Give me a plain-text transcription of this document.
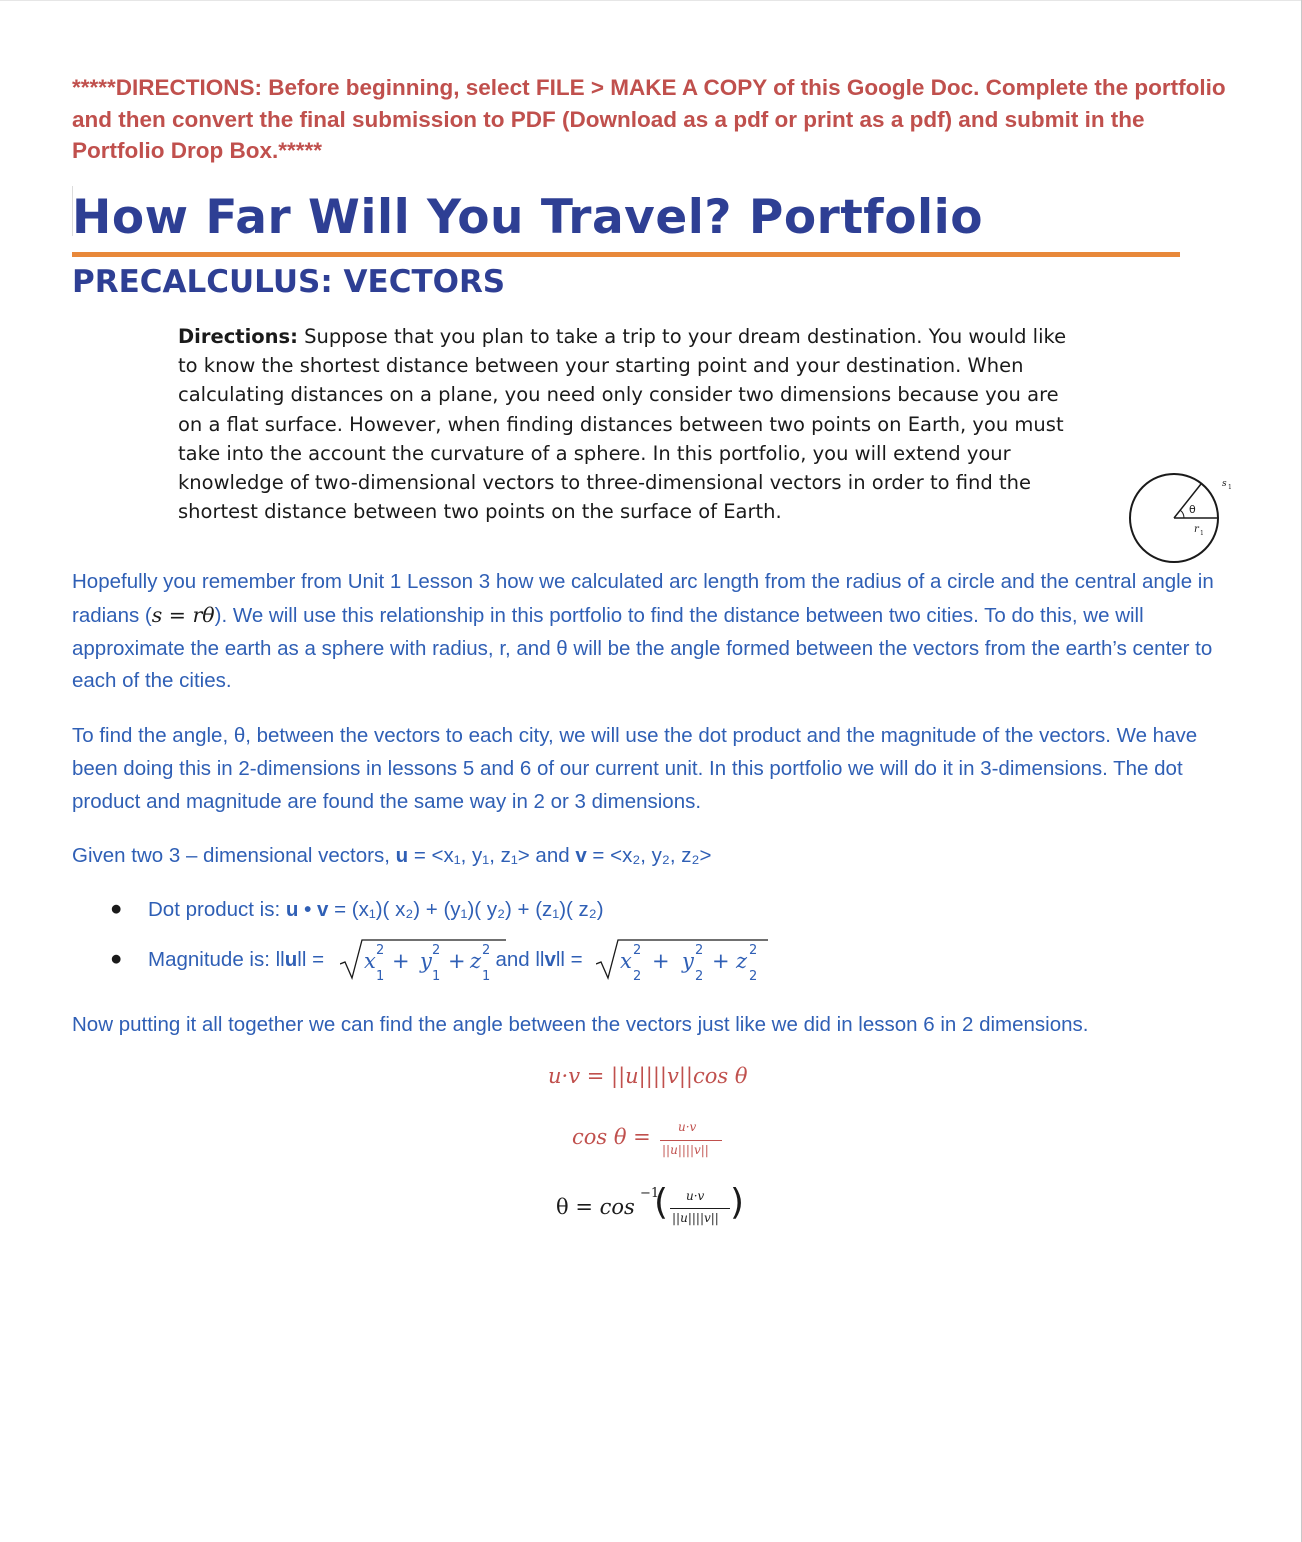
*****DIRECTIONS: Before beginning, select FILE > MAKE A COPY of this Google Doc. Complete the portfolio and then convert the final submission to PDF (Download as a pdf or print as a pdf) and submit in the Portfolio Drop Box.*****
How Far Will You Travel? Portfolio
PRECALCULUS: VECTORS
Directions: Suppose that you plan to take a trip to your dream destination. You would like to know the shortest distance between your starting point and your destination. When calculating distances on a plane, you need only consider two dimensions because you are on a flat surface. However, when finding distances between two points on Earth, you must take into the account the curvature of a sphere. In this portfolio, you will extend your knowledge of two-dimensional vectors to three-dimensional vectors in order to find the shortest distance between two points on the surface of Earth.	θ
r 1
s 1
Hopefully you remember from Unit 1 Lesson 3 how we calculated arc length from the radius of a circle and the central angle in radians (s = rθ). We will use this relationship in this portfolio to find the distance between two cities. To do this, we will approximate the earth as a sphere with radius, r, and θ will be the angle formed between the vectors from the earth’s center to each of the cities.
To find the angle, θ, between the vectors to each city, we will use the dot product and the magnitude of the vectors. We have been doing this in 2-dimensions in lessons 5 and 6 of our current unit. In this portfolio we will do it in 3-dimensions. The dot product and magnitude are found the same way in 2 or 3 dimensions.
Given two 3 – dimensional vectors, u = <x₁, y₁, z₁> and v = <x₂, y₂, z₂>
● Dot product is: u • v = (x₁)( x₂) + (y₁)( y₂) + (z₁)( z₂)
● Magnitude is: llull =	and llvll =
x
1
2 + y
1
2 + z
1
2	x
2
2 + y
2
2 + z
2
2
Now putting it all together we can find the angle between the vectors just like we did in lesson 6 in 2 dimensions.
u·v = ||u||||v||cos θ
cos θ = u·v
||u||||v||
θ = cos
−1
( u·v
||u||||v|| )
